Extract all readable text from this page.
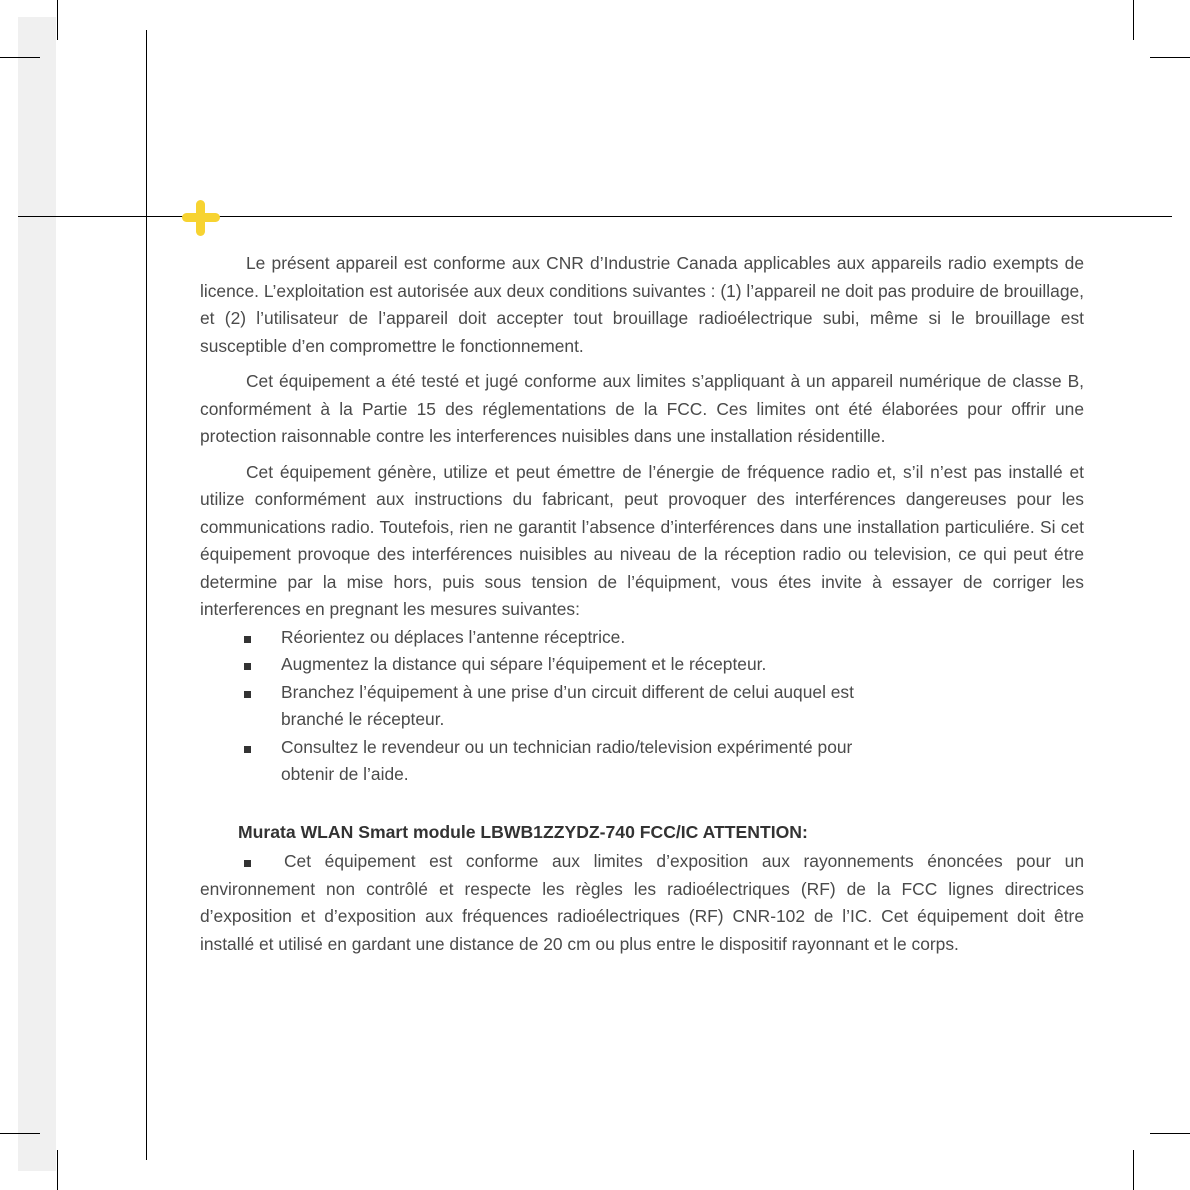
Le présent appareil est conforme aux CNR d’Industrie Canada applicables aux appareils radio exempts de licence. L’exploitation est autorisée aux deux conditions suivantes : (1) l’appareil ne doit pas produire de brouillage, et (2) l’utilisateur de l’appareil doit accepter tout brouillage radioélectrique subi, même si le brouillage est susceptible d’en compromettre le fonctionnement.

Cet équipement a été testé et jugé conforme aux limites s’appliquant à un appareil numérique de classe B, conformément à la Partie 15 des réglementations de la FCC. Ces limites ont été élaborées pour offrir une protection raisonnable contre les interferences nuisibles dans une installation résidentille.

Cet équipement génère, utilize et peut émettre de l’énergie de fréquence radio et, s’il n’est pas installé et utilize conformément aux instructions du fabricant, peut provoquer des interférences dangereuses pour les communications radio. Toutefois, rien ne garantit l’absence d’interférences dans une installation particuliére. Si cet équipement provoque des interférences nuisibles au niveau de la réception radio ou television, ce qui peut étre determine par la mise hors, puis sous tension de l’équipment, vous étes invite à essayer de corriger les interferences en pregnant les mesures suivantes:

Réorientez ou déplaces l’antenne réceptrice.
Augmentez la distance qui sépare l’équipement et le récepteur.
Branchez l’équipement à une prise d’un circuit different de celui auquel est branché le récepteur.
Consultez le revendeur ou un technician radio/television expérimenté pour obtenir de l’aide.
Murata WLAN Smart module LBWB1ZZYDZ-740 FCC/IC ATTENTION:

Cet équipement est conforme aux limites d’exposition aux rayonnements énoncées pour un environnement non contrôlé et respecte les règles les radioélectriques (RF) de la FCC lignes directrices d’exposition et d’exposition aux fréquences radioélectriques (RF) CNR-102 de l’IC. Cet équipement doit être installé et utilisé en gardant une distance de 20 cm ou plus entre le dispositif rayonnant et le corps.
